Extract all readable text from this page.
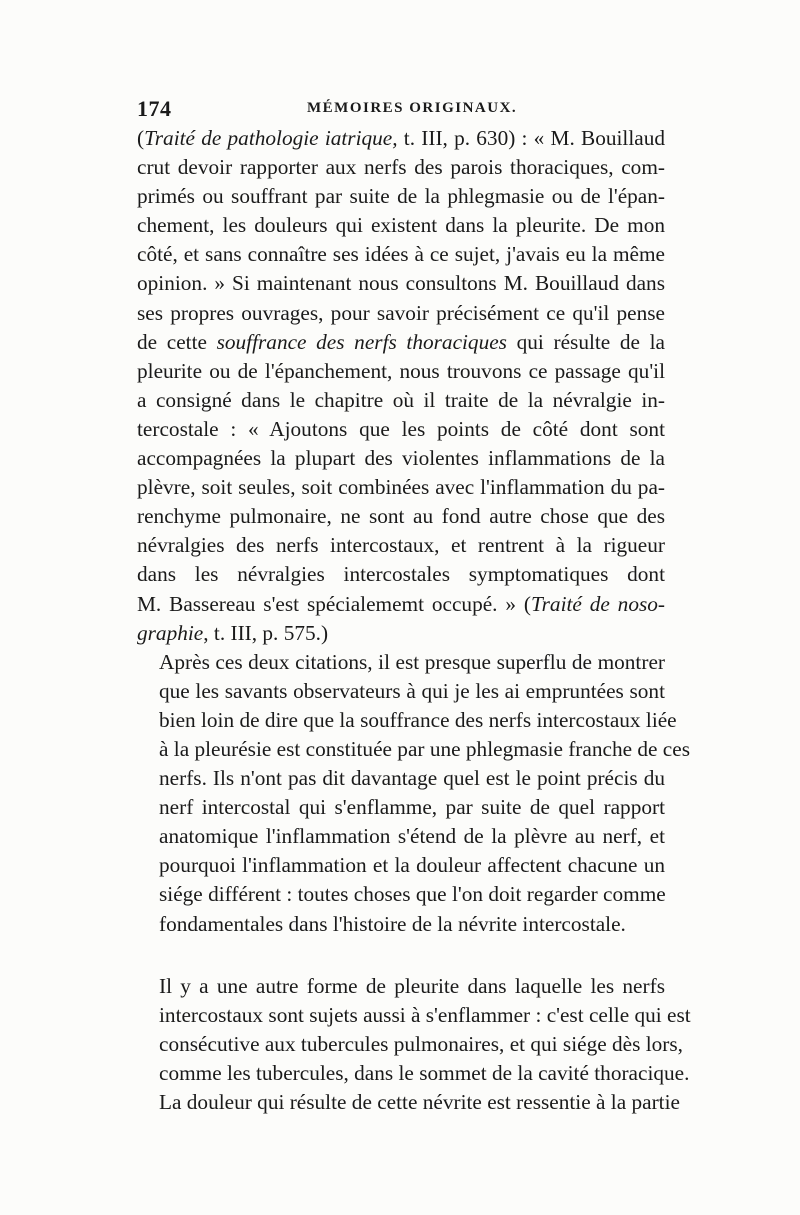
174	MÉMOIRES ORIGINAUX.

(Traité de pathologie iatrique, t. III, p. 630) : « M. Bouillaud
crut devoir rapporter aux nerfs des parois thoraciques, com-
primés ou souffrant par suite de la phlegmasie ou de l'épan-
chement, les douleurs qui existent dans la pleurite. De mon
côté, et sans connaître ses idées à ce sujet, j'avais eu la même
opinion. » Si maintenant nous consultons M. Bouillaud dans
ses propres ouvrages, pour savoir précisément ce qu'il pense
de cette souffrance des nerfs thoraciques qui résulte de la
pleurite ou de l'épanchement, nous trouvons ce passage qu'il
a consigné dans le chapitre où il traite de la névralgie in-
tercostale : « Ajoutons que les points de côté dont sont
accompagnées la plupart des violentes inflammations de la
plèvre, soit seules, soit combinées avec l'inflammation du pa-
renchyme pulmonaire, ne sont au fond autre chose que des
névralgies des nerfs intercostaux, et rentrent à la rigueur
dans les névralgies intercostales symptomatiques dont
M. Bassereau s'est spécialememt occupé. » (Traité de noso-
graphie, t. III, p. 575.)

Après ces deux citations, il est presque superflu de montrer
que les savants observateurs à qui je les ai empruntées sont
bien loin de dire que la souffrance des nerfs intercostaux liée
à la pleurésie est constituée par une phlegmasie franche de ces
nerfs. Ils n'ont pas dit davantage quel est le point précis du
nerf intercostal qui s'enflamme, par suite de quel rapport
anatomique l'inflammation s'étend de la plèvre au nerf, et
pourquoi l'inflammation et la douleur affectent chacune un
siége différent : toutes choses que l'on doit regarder comme
fondamentales dans l'histoire de la névrite intercostale.

Il y a une autre forme de pleurite dans laquelle les nerfs
intercostaux sont sujets aussi à s'enflammer : c'est celle qui est
consécutive aux tubercules pulmonaires, et qui siége dès lors,
comme les tubercules, dans le sommet de la cavité thoracique.
La douleur qui résulte de cette névrite est ressentie à la partie
